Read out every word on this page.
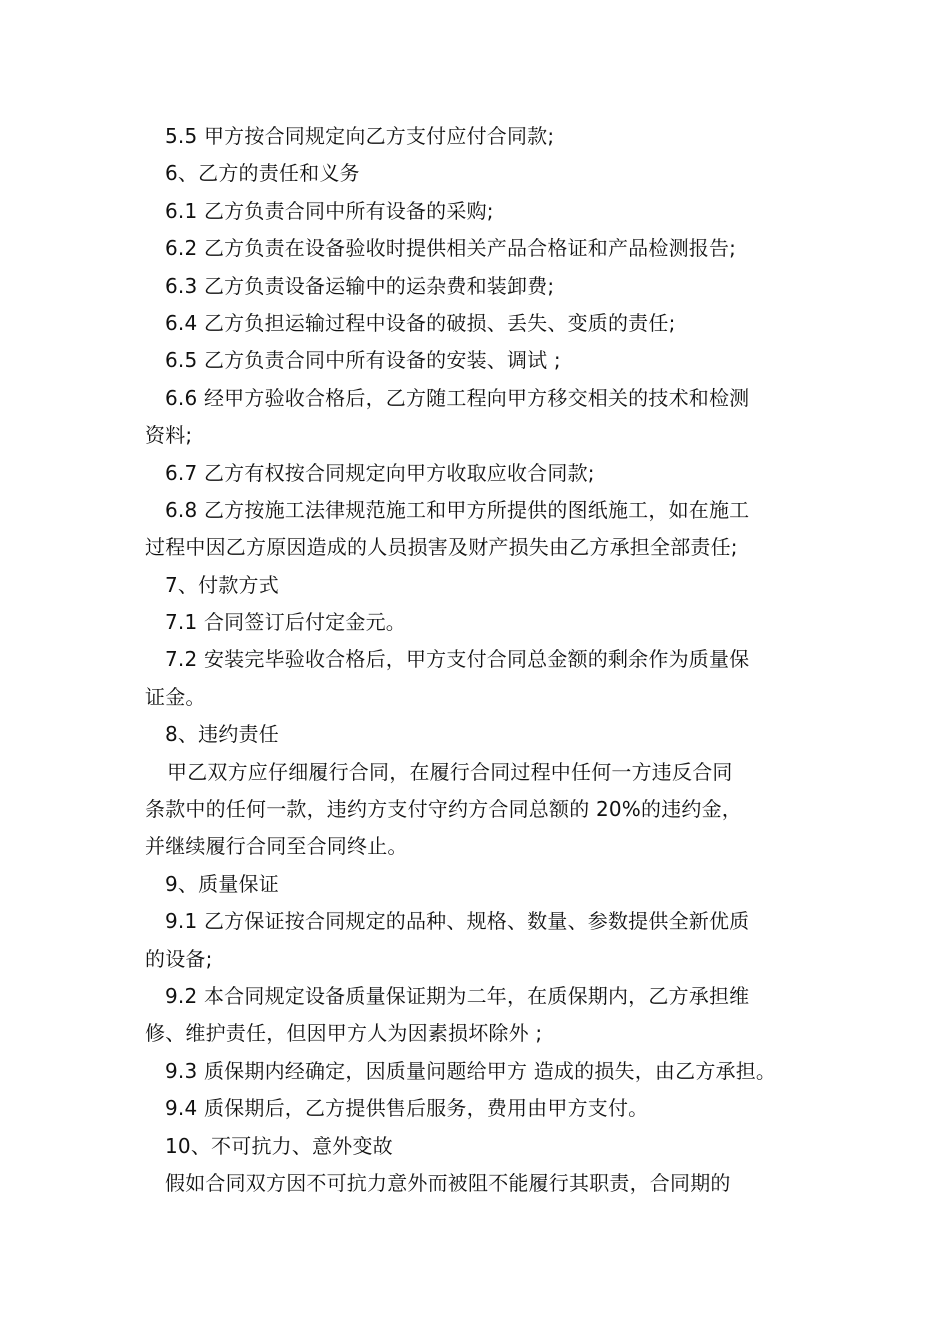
5.5 甲方按合同规定向乙方支付应付合同款;

6、乙方的责任和义务

6.1 乙方负责合同中所有设备的采购;

6.2 乙方负责在设备验收时提供相关产品合格证和产品检测报告;

6.3 乙方负责设备运输中的运杂费和装卸费;

6.4 乙方负担运输过程中设备的破损、丢失、变质的责任;

6.5 乙方负责合同中所有设备的安装、调试 ;

6.6 经甲方验收合格后，乙方随工程向甲方移交相关的技术和检测

资料;

6.7 乙方有权按合同规定向甲方收取应收合同款;

6.8 乙方按施工法律规范施工和甲方所提供的图纸施工，如在施工

过程中因乙方原因造成的人员损害及财产损失由乙方承担全部责任;

7、付款方式

7.1 合同签订后付定金元。

7.2 安装完毕验收合格后，甲方支付合同总金额的剩余作为质量保

证金。

8、违约责任

甲乙双方应仔细履行合同，在履行合同过程中任何一方违反合同

条款中的任何一款，违约方支付守约方合同总额的 20%的违约金，

并继续履行合同至合同终止。

9、质量保证

9.1 乙方保证按合同规定的品种、规格、数量、参数提供全新优质

的设备;

9.2 本合同规定设备质量保证期为二年，在质保期内，乙方承担维

修、维护责任，但因甲方人为因素损坏除外 ;

9.3 质保期内经确定，因质量问题给甲方 造成的损失，由乙方承担。

9.4 质保期后，乙方提供售后服务，费用由甲方支付。

10、不可抗力、意外变故

假如合同双方因不可抗力意外而被阻不能履行其职责，合同期的
